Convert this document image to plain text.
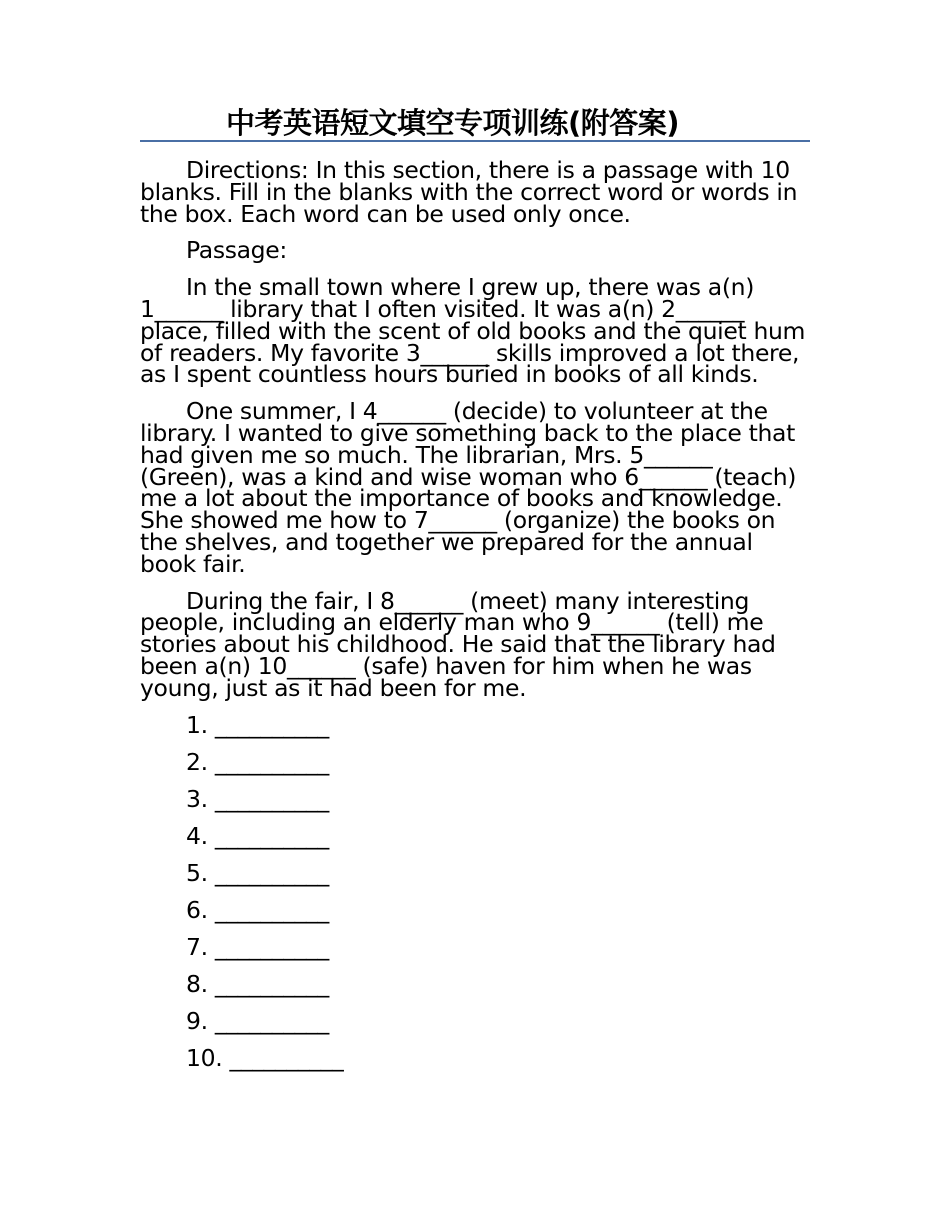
中考英语短文填空专项训练(附答案)

Directions: In this section, there is a passage with 10 blanks. Fill in the blanks with the correct word or words in the box. Each word can be used only once.

Passage:

In the small town where I grew up, there was a(n) 1______ library that I often visited. It was a(n) 2______ place, filled with the scent of old books and the quiet hum of readers. My favorite 3______ skills improved a lot there, as I spent countless hours buried in books of all kinds.

One summer, I 4______ (decide) to volunteer at the library. I wanted to give something back to the place that had given me so much. The librarian, Mrs. 5______ (Green), was a kind and wise woman who 6______ (teach) me a lot about the importance of books and knowledge. She showed me how to 7______ (organize) the books on the shelves, and together we prepared for the annual book fair.

During the fair, I 8______ (meet) many interesting people, including an elderly man who 9______ (tell) me stories about his childhood. He said that the library had been a(n) 10______ (safe) haven for him when he was young, just as it had been for me.

1. __________
2. __________
3. __________
4. __________
5. __________
6. __________
7. __________
8. __________
9. __________
10. __________
